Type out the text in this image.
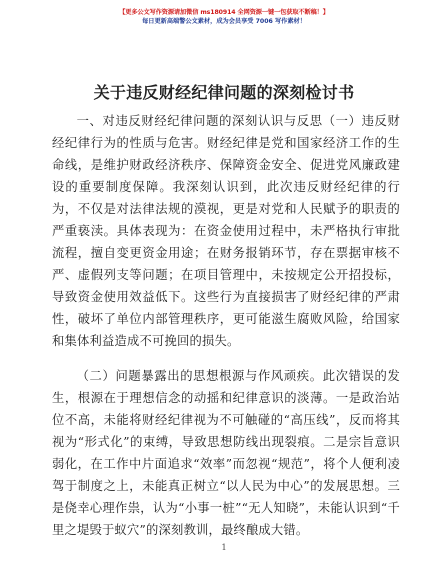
【更多公文写作资源请加微信 ms180914 全网资源一键一包获取不断稿！】
每日更新高端警公文素材，成为会员享受 7006 写作素材！
关于违反财经纪律问题的深刻检讨书

一、对违反财经纪律问题的深刻认识与反思（一）违反财经纪律行为的性质与危害。财经纪律是党和国家经济工作的生命线，是维护财政经济秩序、保障资金安全、促进党风廉政建设的重要制度保障。我深刻认识到，此次违反财经纪律的行为，不仅是对法律法规的漠视，更是对党和人民赋予的职责的严重亵渎。具体表现为：在资金使用过程中，未严格执行审批流程，擅自变更资金用途；在财务报销环节，存在票据审核不严、虚假列支等问题；在项目管理中，未按规定公开招投标，导致资金使用效益低下。这些行为直接损害了财经纪律的严肃性，破坏了单位内部管理秩序，更可能滋生腐败风险，给国家和集体利益造成不可挽回的损失。

（二）问题暴露出的思想根源与作风顽疾。此次错误的发生，根源在于理想信念的动摇和纪律意识的淡薄。一是政治站位不高，未能将财经纪律视为不可触碰的“高压线”，反而将其视为“形式化”的束缚，导致思想防线出现裂痕。二是宗旨意识弱化，在工作中片面追求“效率”而忽视“规范”，将个人便利凌驾于制度之上，未能真正树立“以人民为中心”的发展思想。三是侥幸心理作祟，认为“小事一桩”“无人知晓”，未能认识到“千里之堤毁于蚁穴”的深刻教训，最终酿成大错。

1
